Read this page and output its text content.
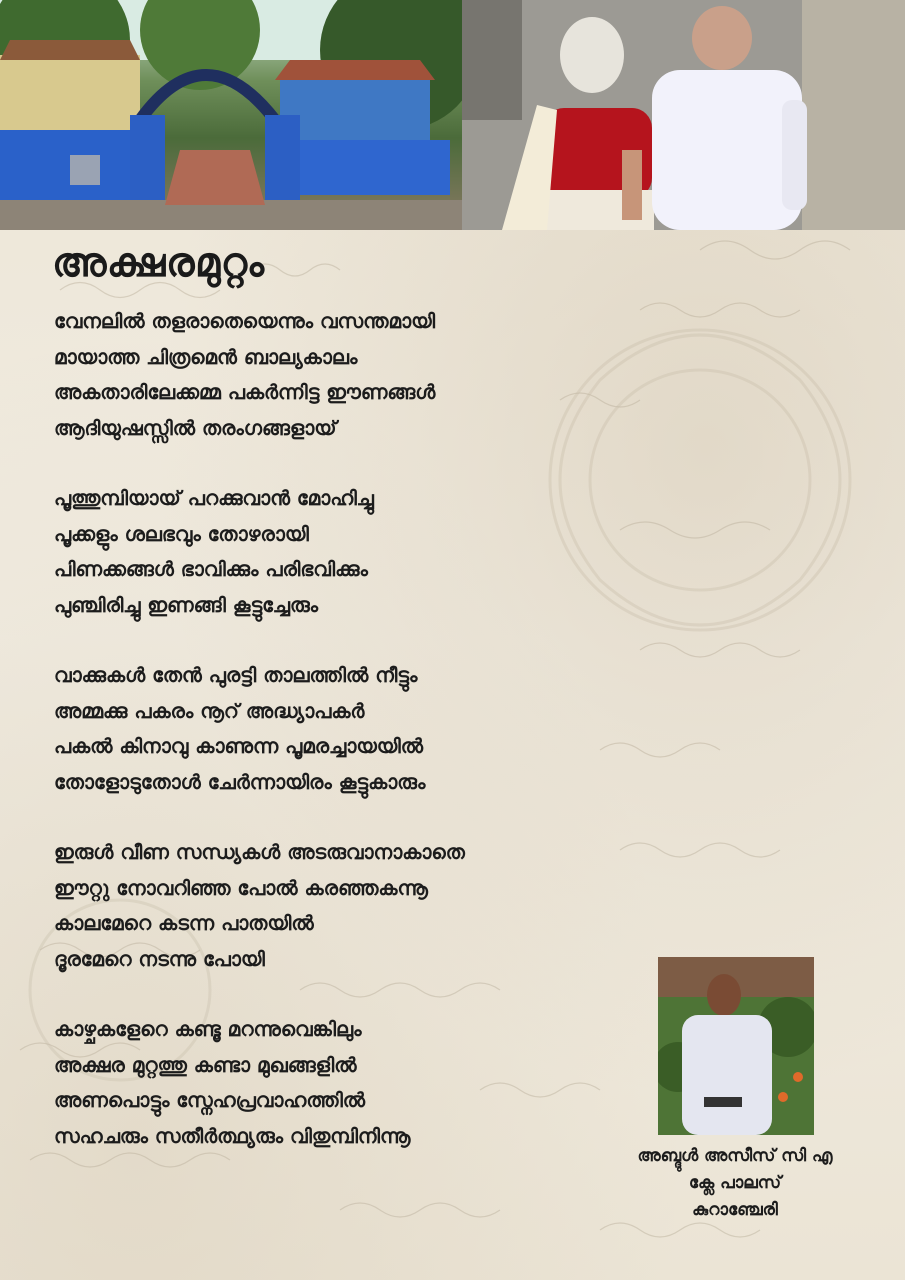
അക്ഷരമുറ്റം
വേനലിൽ തളരാതെയെന്നും വസന്തമായി
മായാത്ത ചിത്രമെൻ ബാല്യകാലം
അകതാരിലേക്കമ്മ പകർന്നിട്ട ഈണങ്ങൾ
ആദിയുഷസ്സിൽ തരംഗങ്ങളായ്
പൂത്തുമ്പിയായ് പറക്കുവാൻ മോഹിച്ചു
പൂക്കളും ശലഭവും തോഴരായി
പിണക്കങ്ങൾ ഭാവിക്കും പരിഭവിക്കും
പുഞ്ചിരിച്ചു ഇണങ്ങി കൂട്ടുച്ചേരും
വാക്കുകൾ തേൻ പുരട്ടി താലത്തിൽ നീട്ടും
അമ്മക്കു പകരം നൂറ് അദ്ധ്യാപകർ
പകൽ കിനാവു കാണുന്ന പൂമരച്ചായയിൽ
തോളോടുതോൾ ചേർന്നായിരം കൂട്ടുകാരും
ഇരുൾ വീണ സന്ധ്യകൾ അടരുവാനാകാതെ
ഈറ്റു നോവറിഞ്ഞ പോൽ കരഞ്ഞകന്നൂ
കാലമേറെ കടന്ന പാതയിൽ
ദൂരമേറെ നടന്നു പോയി
കാഴ്ചകളേറെ കണ്ടൂ മറന്നുവെങ്കിലും
അക്ഷര മുറ്റത്തു കണ്ടാ മുഖങ്ങളിൽ
അണപൊട്ടും സ്നേഹപ്രവാഹത്തിൽ
സഹചരും സതീർത്ഥ്യരും വിതുമ്പിനിന്നൂ
അബ്ദുൾ അസീസ് സി എ
ക്ലേ പാലസ്
കുറാഞ്ചേരി
